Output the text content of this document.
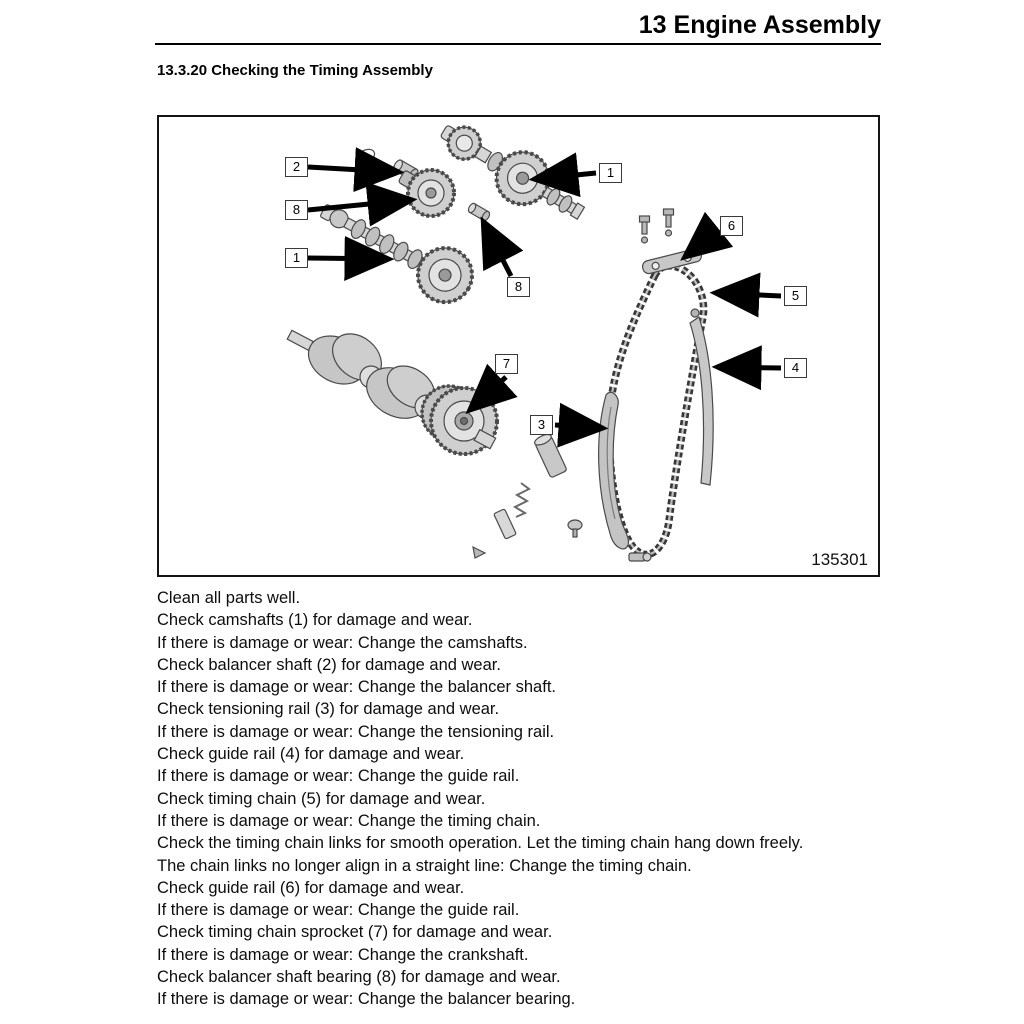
13 Engine Assembly
13.3.20 Checking the Timing Assembly
2
8
1
1
6
5
4
7
8
3
135301
Clean all parts well.
Check camshafts (1) for damage and wear.
If there is damage or wear: Change the camshafts.
Check balancer shaft (2) for damage and wear.
If there is damage or wear: Change the balancer shaft.
Check tensioning rail (3) for damage and wear.
If there is damage or wear: Change the tensioning rail.
Check guide rail (4) for damage and wear.
If there is damage or wear: Change the guide rail.
Check timing chain (5) for damage and wear.
If there is damage or wear: Change the timing chain.
Check the timing chain links for smooth operation. Let the timing chain hang down freely.
The chain links no longer align in a straight line: Change the timing chain.
Check guide rail (6) for damage and wear.
If there is damage or wear: Change the guide rail.
Check timing chain sprocket (7) for damage and wear.
If there is damage or wear: Change the crankshaft.
Check balancer shaft bearing (8) for damage and wear.
If there is damage or wear: Change the balancer bearing.
